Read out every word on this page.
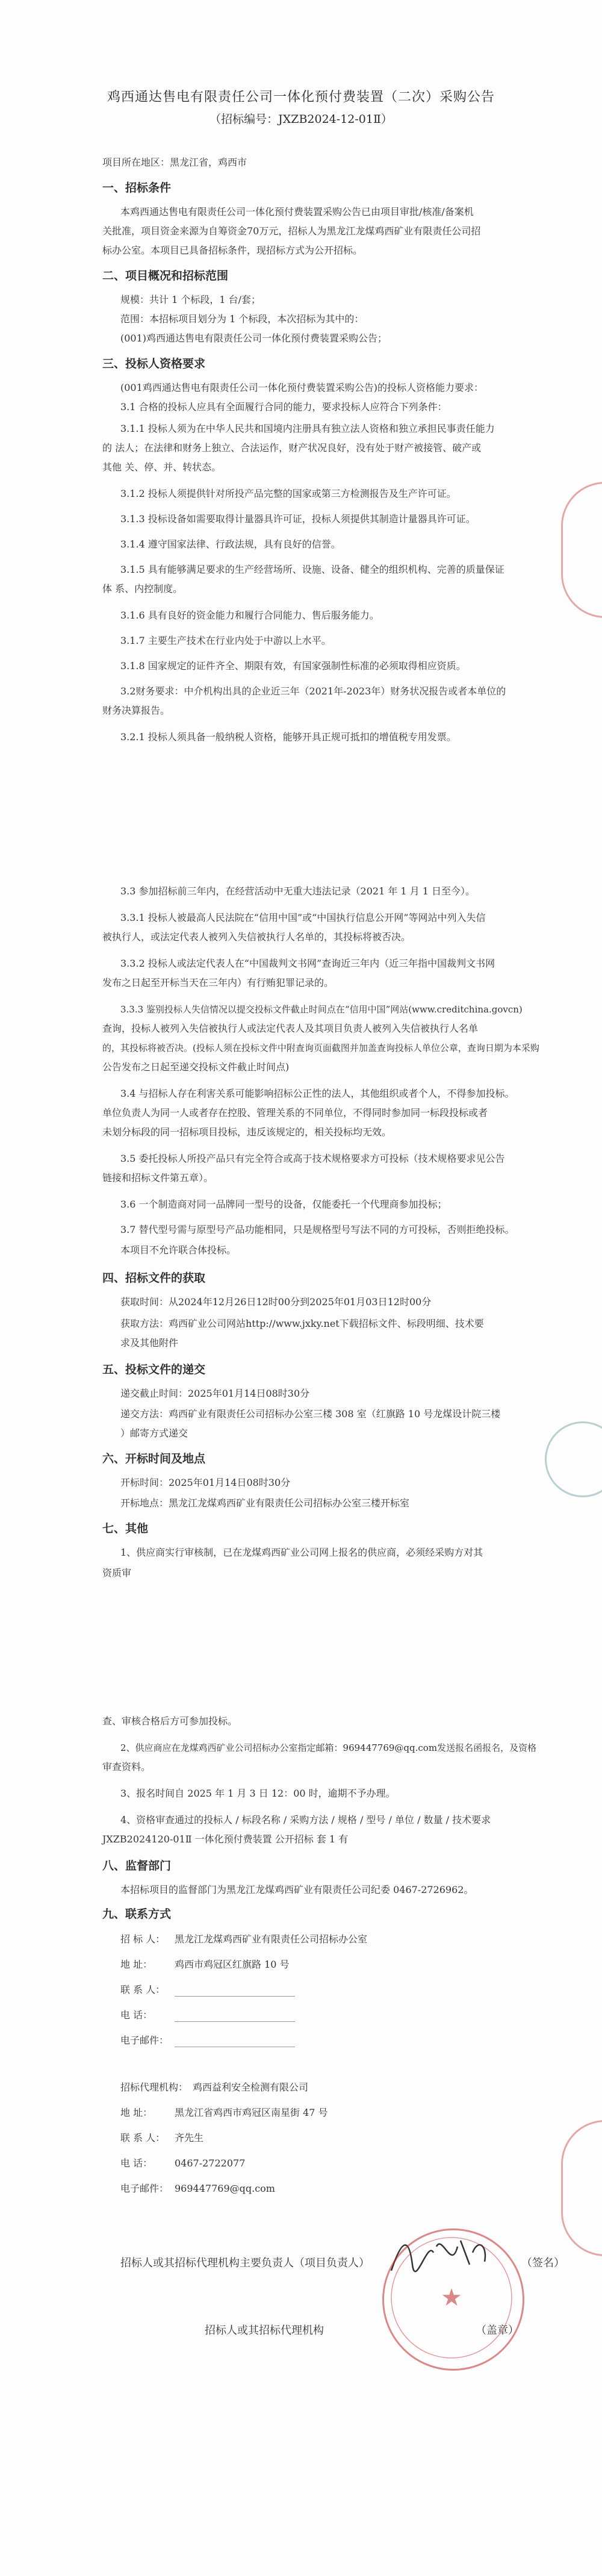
鸡西通达售电有限责任公司一体化预付费装置（二次）采购公告
（招标编号：JXZB2024-12-01Ⅱ）
项目所在地区：黑龙江省，鸡西市
一、招标条件
本鸡西通达售电有限责任公司一体化预付费装置采购公告已由项目审批/核准/备案机
关批准，项目资金来源为自筹资金70万元，招标人为黑龙江龙煤鸡西矿业有限责任公司招
标办公室。本项目已具备招标条件，现招标方式为公开招标。
二、项目概况和招标范围
规模：共计 1 个标段，1 台/套；
范围：本招标项目划分为 1 个标段，本次招标为其中的：
(001)鸡西通达售电有限责任公司一体化预付费装置采购公告；
三、投标人资格要求
(001鸡西通达售电有限责任公司一体化预付费装置采购公告)的投标人资格能力要求：
3.1 合格的投标人应具有全面履行合同的能力，要求投标人应符合下列条件：
3.1.1 投标人须为在中华人民共和国境内注册具有独立法人资格和独立承担民事责任能力
的 法人；在法律和财务上独立、合法运作，财产状况良好，没有处于财产被接管、破产或
其他 关、停、并、转状态。
3.1.2 投标人须提供针对所投产品完整的国家或第三方检测报告及生产许可证。
3.1.3 投标设备如需要取得计量器具许可证，投标人须提供其制造计量器具许可证。
3.1.4 遵守国家法律、行政法规，具有良好的信誉。
3.1.5 具有能够满足要求的生产经营场所、设施、设备、健全的组织机构、完善的质量保证
体 系、内控制度。
3.1.6 具有良好的资金能力和履行合同能力、售后服务能力。
3.1.7 主要生产技术在行业内处于中游以上水平。
3.1.8 国家规定的证件齐全、期限有效，有国家强制性标准的必须取得相应资质。
3.2财务要求：中介机构出具的企业近三年（2021年-2023年）财务状况报告或者本单位的
财务决算报告。
3.2.1 投标人须具备一般纳税人资格，能够开具正规可抵扣的增值税专用发票。
3.3 参加招标前三年内，在经营活动中无重大违法记录（2021 年 1 月 1 日至今）。
3.3.1 投标人被最高人民法院在“信用中国”或“中国执行信息公开网”等网站中列入失信
被执行人，或法定代表人被列入失信被执行人名单的，其投标将被否决。
3.3.2 投标人或法定代表人在“中国裁判文书网”查询近三年内（近三年指中国裁判文书网
发布之日起至开标当天在三年内）有行贿犯罪记录的。
3.3.3 鉴别投标人失信情况以提交投标文件截止时间点在“信用中国”网站(www.creditchina.govcn)
查询，投标人被列入失信被执行人或法定代表人及其项目负责人被列入失信被执行人名单
的，其投标将被否决。(投标人须在投标文件中附查询页面截图并加盖查询投标人单位公章，查询日期为本采购
公告发布之日起至递交投标文件截止时间点)
3.4 与招标人存在利害关系可能影响招标公正性的法人，其他组织或者个人，不得参加投标。
单位负责人为同一人或者存在控股、管理关系的不同单位，不得同时参加同一标段投标或者
未划分标段的同一招标项目投标，违反该规定的，相关投标均无效。
3.5 委托投标人所投产品只有完全符合或高于技术规格要求方可投标（技术规格要求见公告
链接和招标文件第五章）。
3.6 一个制造商对同一品牌同一型号的设备，仅能委托一个代理商参加投标；
3.7 替代型号需与原型号产品功能相同，只是规格型号写法不同的方可投标，否则拒绝投标。
本项目不允许联合体投标。
四、招标文件的获取
获取时间：从2024年12月26日12时00分到2025年01月03日12时00分
获取方法：鸡西矿业公司网站http://www.jxky.net下载招标文件、标段明细、技术要
求及其他附件
五、投标文件的递交
递交截止时间：2025年01月14日08时30分
递交方法：鸡西矿业有限责任公司招标办公室三楼 308 室（红旗路 10 号龙煤设计院三楼
）邮寄方式递交
六、开标时间及地点
开标时间：2025年01月14日08时30分
开标地点：黑龙江龙煤鸡西矿业有限责任公司招标办公室三楼开标室
七、其他
1、供应商实行审核制，已在龙煤鸡西矿业公司网上报名的供应商，必须经采购方对其
资质审
查、审核合格后方可参加投标。
2、供应商应在龙煤鸡西矿业公司招标办公室指定邮箱：969447769@qq.com发送报名函报名，及资格
审查资料。
3、报名时间自 2025 年 1 月 3 日 12：00 时，逾期不予办理。
4、资格审查通过的投标人 / 标段名称 / 采购方法 / 规格 / 型号 / 单位 / 数量 / 技术要求
JXZB2024120-01Ⅱ 一体化预付费装置 公开招标 套 1 有
八、监督部门
本招标项目的监督部门为黑龙江龙煤鸡西矿业有限责任公司纪委 0467-2726962。
九、联系方式
招 标 人： 黑龙江龙煤鸡西矿业有限责任公司招标办公室
地 址： 鸡西市鸡冠区红旗路 10 号
联 系 人：
电 话：
电子邮件：
招标代理机构： 鸡西益利安全检测有限公司
地 址： 黑龙江省鸡西市鸡冠区南星街 47 号
联 系 人： 齐先生
电 话： 0467-2722077
电子邮件： 969447769@qq.com
招标人或其招标代理机构主要负责人（项目负责人）	（签名）
招标人或其招标代理机构	（盖章）
★
